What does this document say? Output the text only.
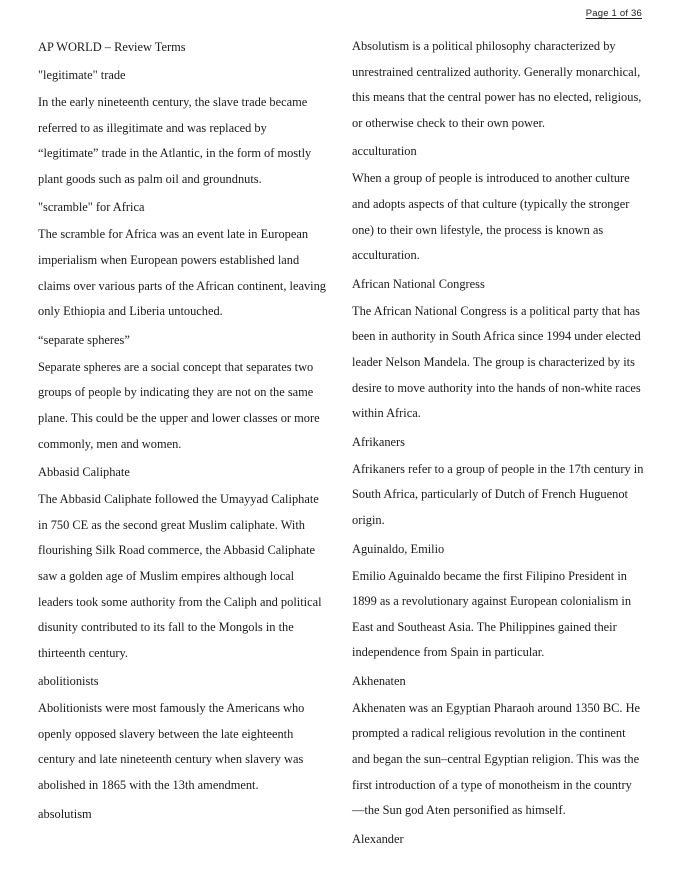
Page 1 of 36

AP WORLD – Review Terms

"legitimate" trade

In the early nineteenth century, the slave trade became referred to as illegitimate and was replaced by “legitimate” trade in the Atlantic, in the form of mostly plant goods such as palm oil and groundnuts.

"scramble" for Africa

The scramble for Africa was an event late in European imperialism when European powers established land claims over various parts of the African continent, leaving only Ethiopia and Liberia untouched.

“separate spheres”

Separate spheres are a social concept that separates two groups of people by indicating they are not on the same plane. This could be the upper and lower classes or more commonly, men and women.

Abbasid Caliphate

The Abbasid Caliphate followed the Umayyad Caliphate in 750 CE as the second great Muslim caliphate. With flourishing Silk Road commerce, the Abbasid Caliphate saw a golden age of Muslim empires although local leaders took some authority from the Caliph and political disunity contributed to its fall to the Mongols in the thirteenth century.

abolitionists

Abolitionists were most famously the Americans who openly opposed slavery between the late eighteenth century and late nineteenth century when slavery was abolished in 1865 with the 13th amendment.

absolutism

Absolutism is a political philosophy characterized by unrestrained centralized authority. Generally monarchical, this means that the central power has no elected, religious, or otherwise check to their own power.

acculturation

When a group of people is introduced to another culture and adopts aspects of that culture (typically the stronger one) to their own lifestyle, the process is known as acculturation.

African National Congress

The African National Congress is a political party that has been in authority in South Africa since 1994 under elected leader Nelson Mandela. The group is characterized by its desire to move authority into the hands of non-white races within Africa.

Afrikaners

Afrikaners refer to a group of people in the 17th century in South Africa, particularly of Dutch of French Huguenot origin.

Aguinaldo, Emilio

Emilio Aguinaldo became the first Filipino President in 1899 as a revolutionary against European colonialism in East and Southeast Asia. The Philippines gained their independence from Spain in particular.

Akhenaten

Akhenaten was an Egyptian Pharaoh around 1350 BC. He prompted a radical religious revolution in the continent and began the sun–central Egyptian religion. This was the first introduction of a type of monotheism in the country—the Sun god Aten personified as himself.

Alexander
